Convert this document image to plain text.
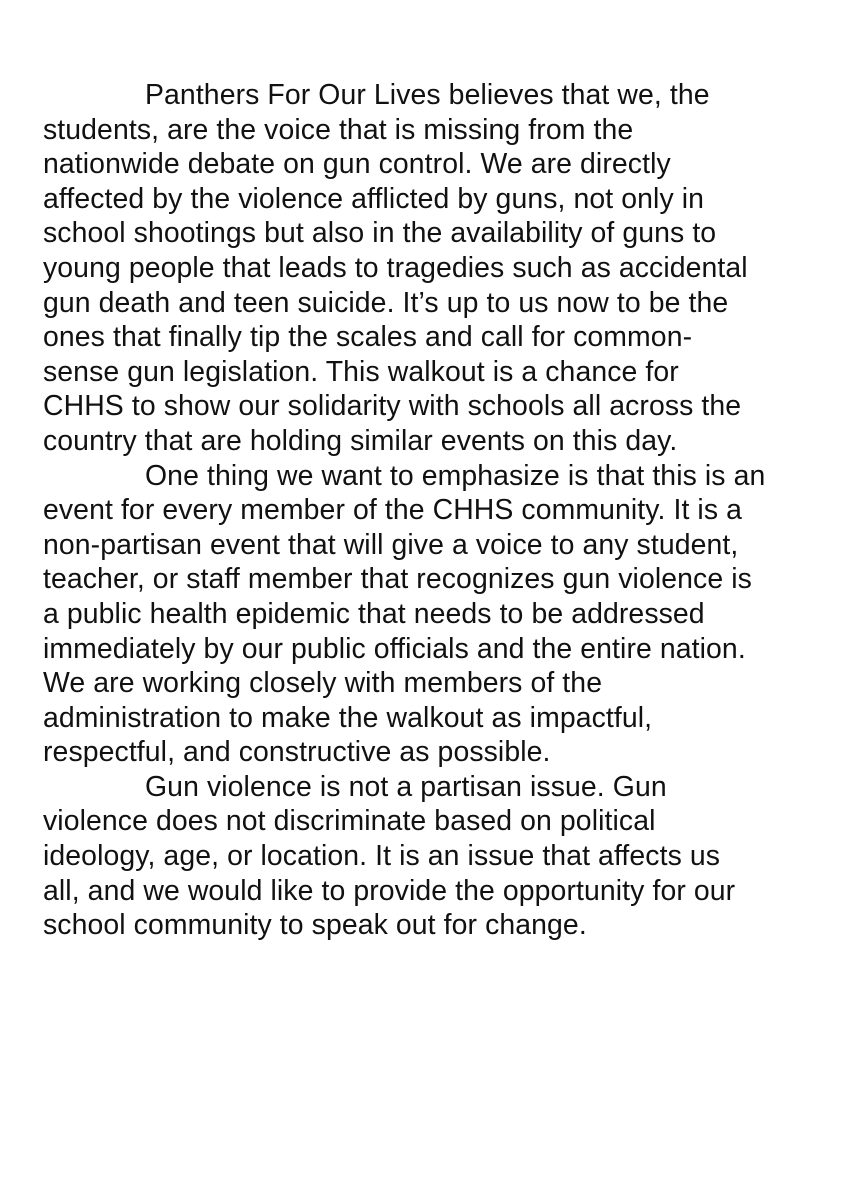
Panthers For Our Lives believes that we, the
students, are the voice that is missing from the
nationwide debate on gun control. We are directly
affected by the violence afflicted by guns, not only in
school shootings but also in the availability of guns to
young people that leads to tragedies such as accidental
gun death and teen suicide. It’s up to us now to be the
ones that finally tip the scales and call for common-
sense gun legislation. This walkout is a chance for
CHHS to show our solidarity with schools all across the
country that are holding similar events on this day.
One thing we want to emphasize is that this is an
event for every member of the CHHS community. It is a
non-partisan event that will give a voice to any student,
teacher, or staff member that recognizes gun violence is
a public health epidemic that needs to be addressed
immediately by our public officials and the entire nation.
We are working closely with members of the
administration to make the walkout as impactful,
respectful, and constructive as possible.
Gun violence is not a partisan issue. Gun
violence does not discriminate based on political
ideology, age, or location. It is an issue that affects us
all, and we would like to provide the opportunity for our
school community to speak out for change.
